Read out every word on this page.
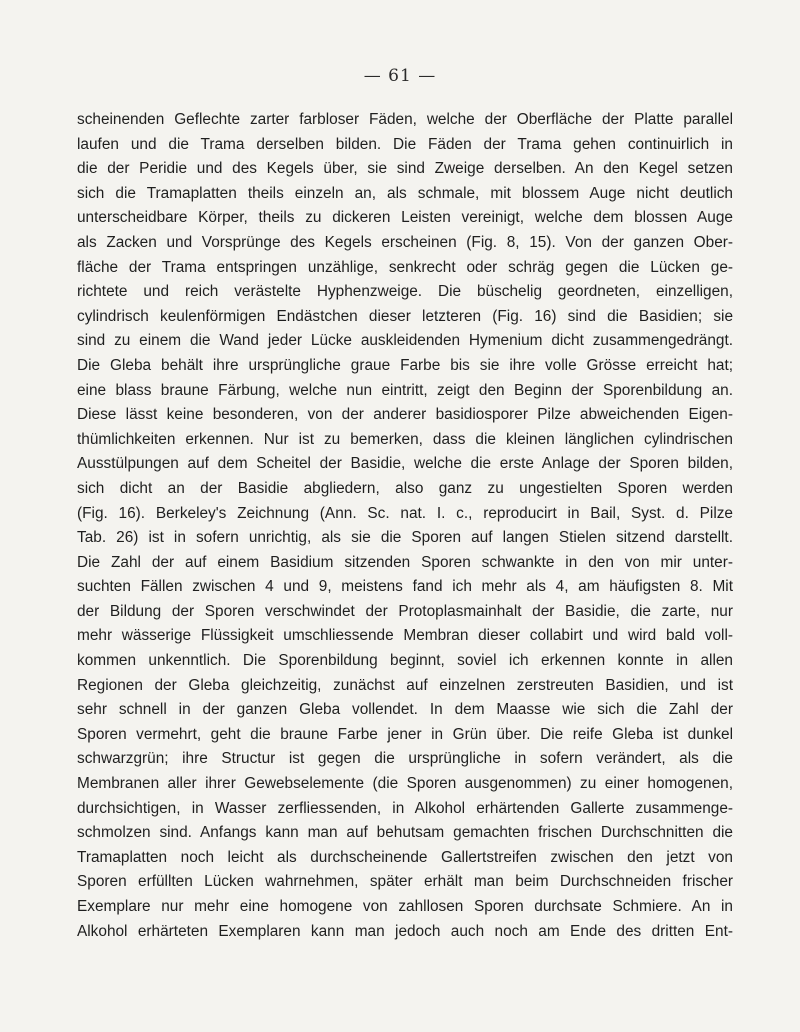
— 61 —
scheinenden Geflechte zarter farbloser Fäden, welche der Oberfläche der Platte parallel
laufen und die Trama derselben bilden. Die Fäden der Trama gehen continuirlich in
die der Peridie und des Kegels über, sie sind Zweige derselben. An den Kegel setzen
sich die Tramaplatten theils einzeln an, als schmale, mit blossem Auge nicht deutlich
unterscheidbare Körper, theils zu dickeren Leisten vereinigt, welche dem blossen Auge
als Zacken und Vorsprünge des Kegels erscheinen (Fig. 8, 15). Von der ganzen Ober-
fläche der Trama entspringen unzählige, senkrecht oder schräg gegen die Lücken ge-
richtete und reich verästelte Hyphenzweige. Die büschelig geordneten, einzelligen,
cylindrisch keulenförmigen Endästchen dieser letzteren (Fig. 16) sind die Basidien; sie
sind zu einem die Wand jeder Lücke auskleidenden Hymenium dicht zusammengedrängt.
Die Gleba behält ihre ursprüngliche graue Farbe bis sie ihre volle Grösse erreicht hat;
eine blass braune Färbung, welche nun eintritt, zeigt den Beginn der Sporenbildung an.
Diese lässt keine besonderen, von der anderer basidiosporer Pilze abweichenden Eigen-
thümlichkeiten erkennen. Nur ist zu bemerken, dass die kleinen länglichen cylindrischen
Ausstülpungen auf dem Scheitel der Basidie, welche die erste Anlage der Sporen bilden,
sich dicht an der Basidie abgliedern, also ganz zu ungestielten Sporen werden
(Fig. 16). Berkeley's Zeichnung (Ann. Sc. nat. I. c., reproducirt in Bail, Syst. d. Pilze
Tab. 26) ist in sofern unrichtig, als sie die Sporen auf langen Stielen sitzend darstellt.
Die Zahl der auf einem Basidium sitzenden Sporen schwankte in den von mir unter-
suchten Fällen zwischen 4 und 9, meistens fand ich mehr als 4, am häufigsten 8. Mit
der Bildung der Sporen verschwindet der Protoplasmainhalt der Basidie, die zarte, nur
mehr wässerige Flüssigkeit umschliessende Membran dieser collabirt und wird bald voll-
kommen unkenntlich. Die Sporenbildung beginnt, soviel ich erkennen konnte in allen
Regionen der Gleba gleichzeitig, zunächst auf einzelnen zerstreuten Basidien, und ist
sehr schnell in der ganzen Gleba vollendet. In dem Maasse wie sich die Zahl der
Sporen vermehrt, geht die braune Farbe jener in Grün über. Die reife Gleba ist dunkel
schwarzgrün; ihre Structur ist gegen die ursprüngliche in sofern verändert, als die
Membranen aller ihrer Gewebselemente (die Sporen ausgenommen) zu einer homogenen,
durchsichtigen, in Wasser zerfliessenden, in Alkohol erhärtenden Gallerte zusammenge-
schmolzen sind. Anfangs kann man auf behutsam gemachten frischen Durchschnitten die
Tramaplatten noch leicht als durchscheinende Gallertstreifen zwischen den jetzt von
Sporen erfüllten Lücken wahrnehmen, später erhält man beim Durchschneiden frischer
Exemplare nur mehr eine homogene von zahllosen Sporen durchsate Schmiere. An in
Alkohol erhärteten Exemplaren kann man jedoch auch noch am Ende des dritten Ent-
